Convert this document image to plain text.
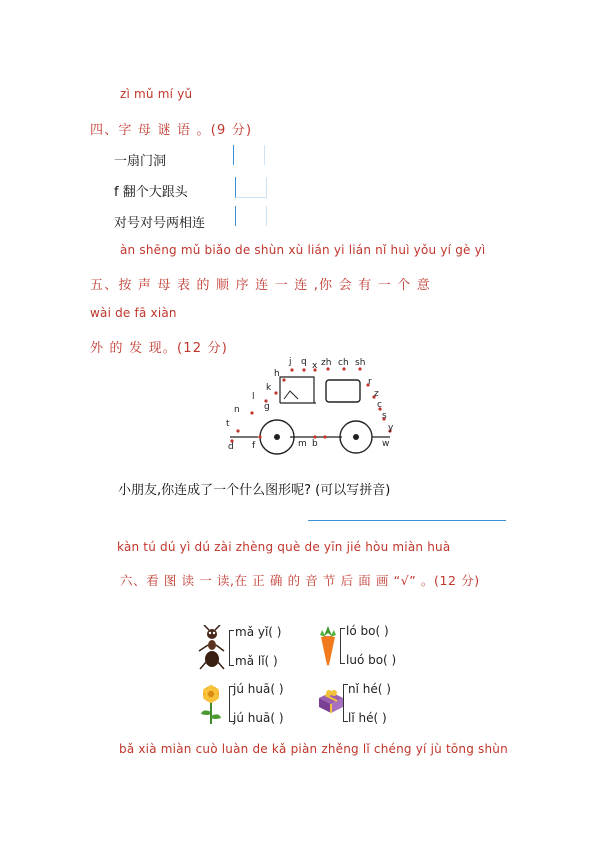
zì mǔ mí yǔ
四、字 母 谜 语 。(9 分)
一扇门洞
f 翻个大跟头
对号对号两相连
àn shēng mǔ biǎo de shùn xù lián yi lián nǐ huì yǒu yí gè yì
五、按 声 母 表 的 顺 序 连 一 连 ,你 会 有 一 个 意
wài de fā xiàn
外 的 发 现。(12 分)
j q x zh ch sh
h
k
l
g
n
t
d f	m b
r
z
c
s
y
w
小朋友,你连成了一个什么图形呢? (可以写拼音)
kàn tú dú yì dú zài zhèng què de yīn jié hòu miàn huà
六、看 图 读 一 读,在 正 确 的 音 节 后 面 画 “√” 。(12 分)
mǎ yǐ( )
mǎ lǐ( )
ló bo( )
luó bo( )
jú huā( )
jú huā( )
nǐ hé( )
lǐ hé( )
bǎ xià miàn cuò luàn de kǎ piàn zhěng lǐ chéng yí jù tōng shùn
